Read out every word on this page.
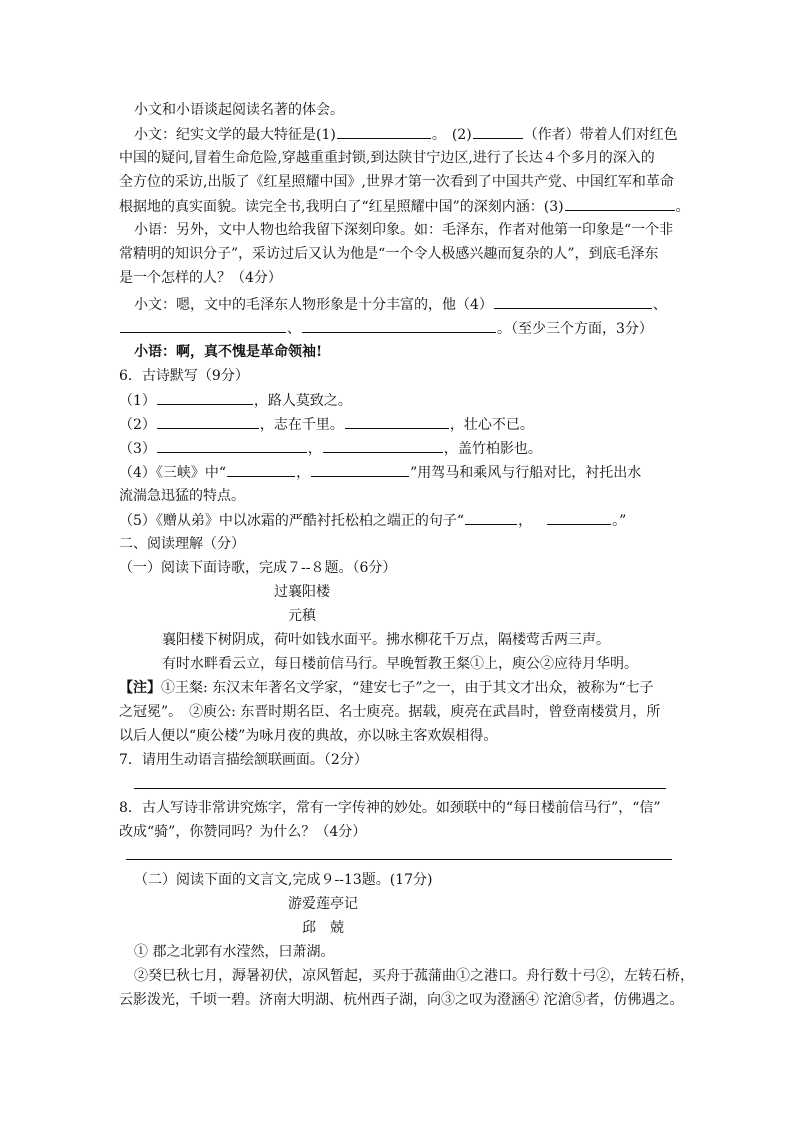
小文和小语谈起阅读名著的体会。
小文：纪实文学的最大特征是(1)	。 (2)	（作者）带着人们对红色
中国的疑问,冒着生命危险,穿越重重封锁,到达陕甘宁边区,进行了长达４个多月的深入的
全方位的采访,出版了《红星照耀中国》,世界才第一次看到了中国共产党、中国红军和革命
根据地的真实面貌。读完全书,我明白了“红星照耀中国”的深刻内涵：(3)	。
小语：另外，文中人物也给我留下深刻印象。如：毛泽东，作者对他第一印象是“一个非
常精明的知识分子”，采访过后又认为他是“一个令人极感兴趣而复杂的人”，到底毛泽东
是一个怎样的人？（4分）
小文：嗯，文中的毛泽东人物形象是十分丰富的，他（4）	、
、	。（至少三个方面，3分）
小语：啊，真不愧是革命领袖!
6．古诗默写（9分）
（1）	，路人莫致之。
（2）	，志在千里。	，壮心不已。
（3）	，	，盖竹柏影也。
（4）《三峡》中“	，	”用驾马和乘风与行船对比，衬托出水
流湍急迅猛的特点。
（5）《赠从弟》中以冰霜的严酷衬托松柏之端正的句子“	，	。”
二、阅读理解（分）
（一）阅读下面诗歌，完成７--８题。（6分）
过襄阳楼
元稹
襄阳楼下树阴成，荷叶如钱水面平。拂水柳花千万点，隔楼莺舌两三声。
有时水畔看云立，每日楼前信马行。早晚暂教王粲①上，庾公②应待月华明。
【注】①王粲: 东汉末年著名文学家，“建安七子”之一，由于其文才出众，被称为“七子
之冠冕”。　②庾公: 东晋时期名臣、名士庾亮。据载，庾亮在武昌时，曾登南楼赏月，所
以后人便以“庾公楼”为咏月夜的典故，亦以咏主客欢娱相得。
7．请用生动语言描绘颔联画面。（2分）
8．古人写诗非常讲究炼字，常有一字传神的妙处。如颈联中的“每日楼前信马行”，“信”
改成“骑”，你赞同吗？为什么？（4分）
（二）阅读下面的文言文,完成９--13题。(17分)
游爱莲亭记
邱　兢
① 郡之北郭有水滢然，曰萧湖。
②癸巳秋七月，溽暑初伏，凉风暂起，买舟于菰蒲曲①之港口。舟行数十弓②，左转石桥，
云影泼光，千顷一碧。济南大明湖、杭州西子湖，向③之叹为澄涵④ 沱滄⑤者，仿佛遇之。
